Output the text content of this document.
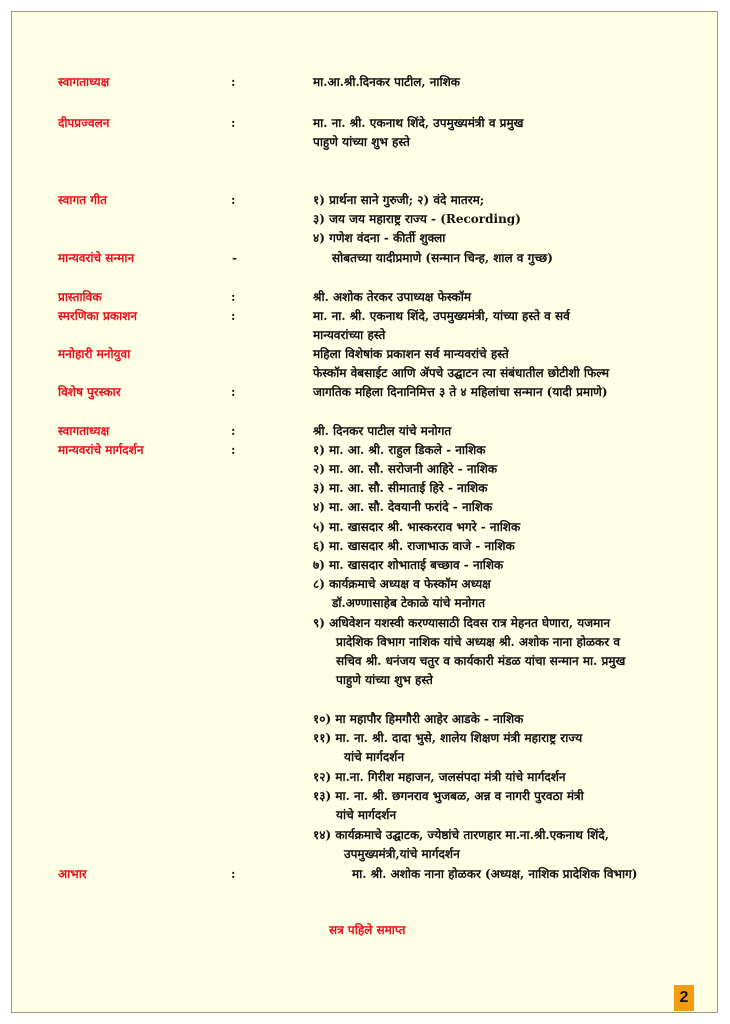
स्वागताध्यक्ष	:	मा.आ.श्री.दिनकर पाटील, नाशिक
दीपप्रज्वलन	:	मा. ना. श्री. एकनाथ शिंदे, उपमुख्यमंत्री व प्रमुख
पाहुणे यांच्या शुभ हस्ते
स्वागत गीत	:	१) प्रार्थना साने गुरुजी; २) वंदे मातरम;
३) जय जय महाराष्ट्र राज्य - (Recording)
४) गणेश वंदना - कीर्ती शुक्ला
मान्यवरांचे सन्मान	-	सोबतच्या यादीप्रमाणे (सन्मान चिन्ह, शाल व गुच्छ)
प्रास्ताविक	:	श्री. अशोक तेरकर उपाध्यक्ष फेस्कॉम
स्मरणिका प्रकाशन	:	मा. ना. श्री. एकनाथ शिंदे, उपमुख्यमंत्री, यांच्या हस्ते व सर्व
मान्यवरांच्या हस्ते
मनोहारी मनोयुवा	महिला विशेषांक प्रकाशन सर्व मान्यवरांचे हस्ते
फेस्कॉम वेबसाईट आणि ॲपचे उद्घाटन त्या संबंधातील छोटीशी फिल्म
विशेष पुरस्कार	:	जागतिक महिला दिनानिमित्त ३ ते ४ महिलांचा सन्मान (यादी प्रमाणे)
स्वागताध्यक्ष	:	श्री. दिनकर पाटील यांचे मनोगत
मान्यवरांचे मार्गदर्शन	:	१) मा. आ. श्री. राहुल डिकले - नाशिक
२) मा. आ. सौ. सरोजनी आहिरे - नाशिक
३) मा. आ. सौ. सीमाताई हिरे - नाशिक
४) मा. आ. सौ. देवयानी फरांदे - नाशिक
५) मा. खासदार श्री. भास्करराव भगरे - नाशिक
६) मा. खासदार श्री. राजाभाऊ वाजे - नाशिक
७) मा. खासदार शोभाताई बच्छाव - नाशिक
८) कार्यक्रमाचे अध्यक्ष व फेस्कॉम अध्यक्ष
डॉ.अण्णासाहेब टेकाळे यांचे मनोगत
९) अधिवेशन यशस्वी करण्यासाठी दिवस रात्र मेहनत घेणारा, यजमान
प्रादेशिक विभाग नाशिक यांचे अध्यक्ष श्री. अशोक नाना होळकर व
सचिव श्री. धनंजय चतुर व कार्यकारी मंडळ यांचा सन्मान मा. प्रमुख
पाहुणे यांच्या शुभ हस्ते
१०) मा महापौर हिमगौरी आहेर आडके - नाशिक
११) मा. ना. श्री. दादा भुसे, शालेय शिक्षण मंत्री महाराष्ट्र राज्य
यांचे मार्गदर्शन
१२) मा.ना. गिरीश महाजन, जलसंपदा मंत्री यांचे मार्गदर्शन
१३) मा. ना. श्री. छगनराव भुजबळ, अन्न व नागरी पुरवठा मंत्री
यांचे मार्गदर्शन
१४) कार्यक्रमाचे उद्घाटक, ज्येष्ठांचे तारणहार मा.ना.श्री.एकनाथ शिंदे,
उपमुख्यमंत्री,यांचे मार्गदर्शन
आभार	:	मा. श्री. अशोक नाना होळकर (अध्यक्ष, नाशिक प्रादेशिक विभाग)
सत्र पहिले समाप्त
2
